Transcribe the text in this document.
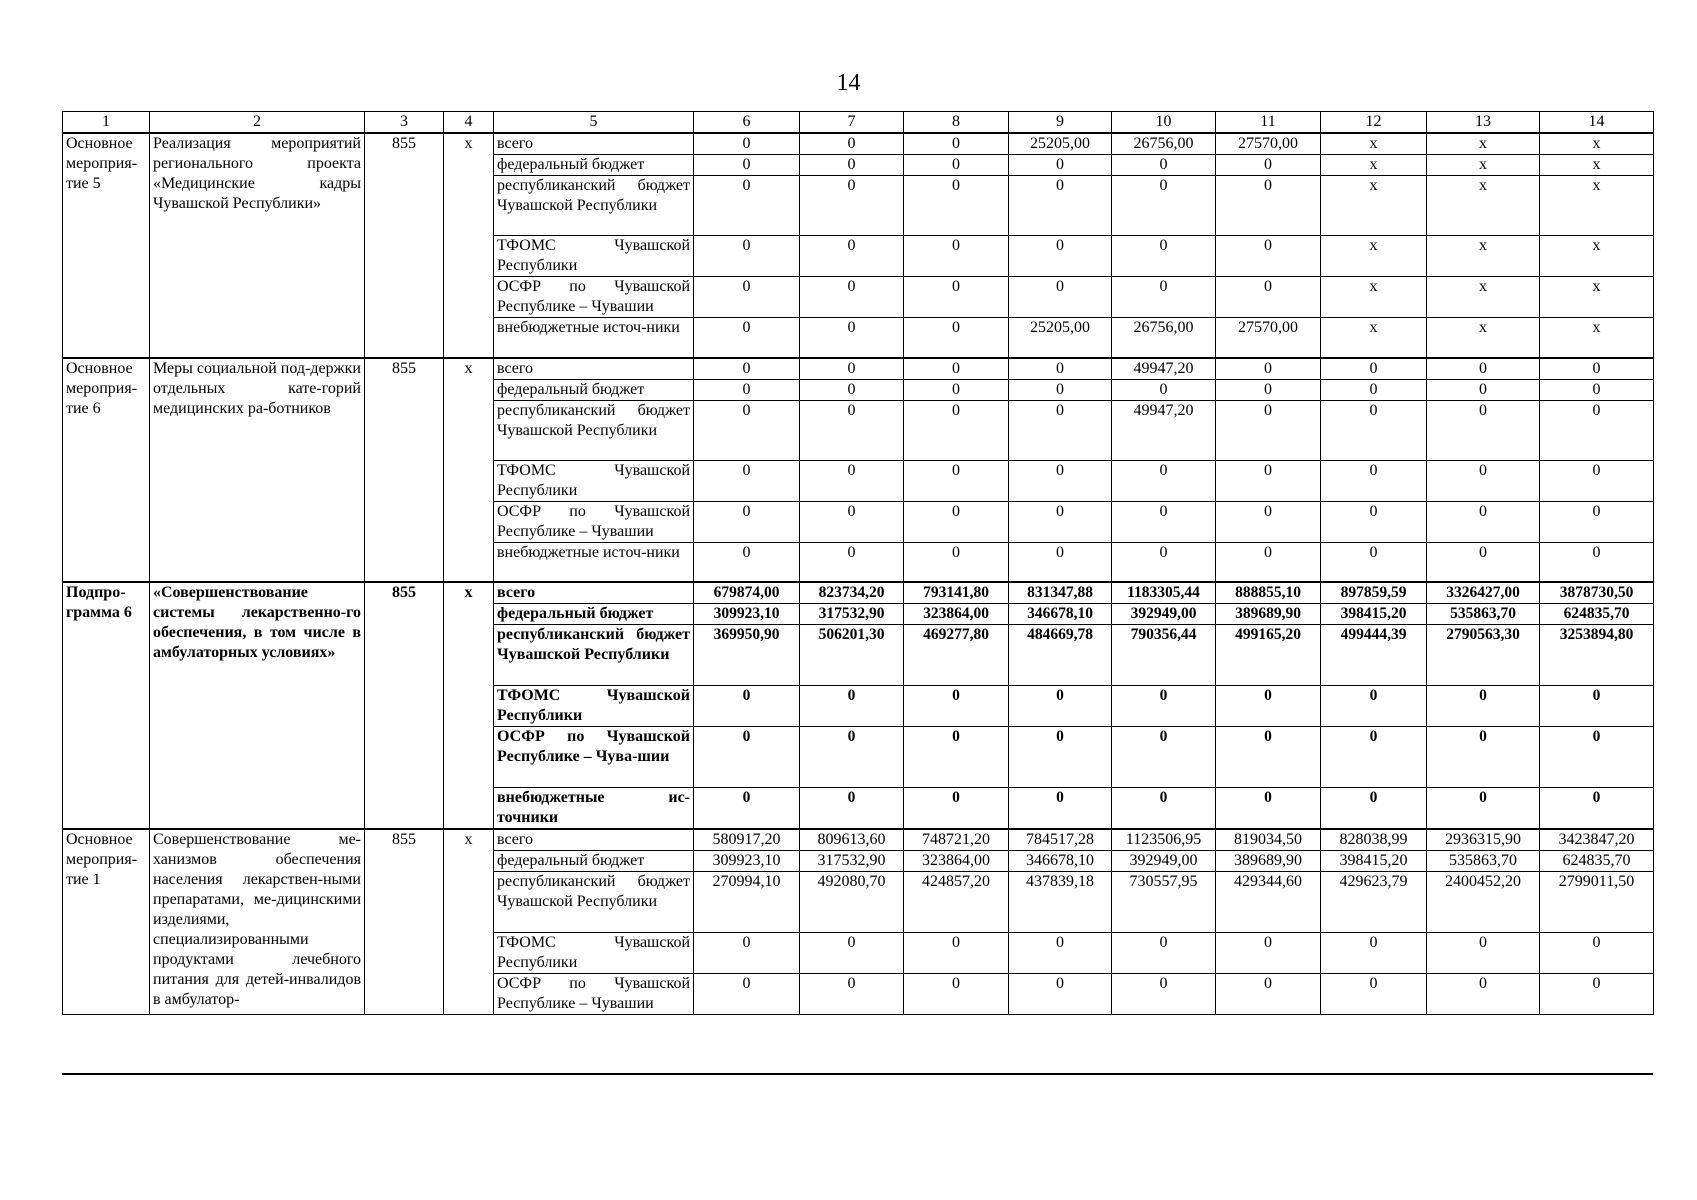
14
1	2	3	4	5	6	7	8	9	10	11	12	13	14
Основное мероприя-тие 5	Реализация мероприятий регионального проекта «Медицинские кадры Чувашской Республики»	855	x	всего	0	0	0	25205,00	26756,00	27570,00	x	x	x
				федеральный бюджет	0	0	0	0	0	0	x	x	x
				республиканский бюджет Чувашской Республики	0	0	0	0	0	0	x	x	x
				ТФОМС Чувашской Республики	0	0	0	0	0	0	x	x	x
				ОСФР по Чувашской Республике – Чувашии	0	0	0	0	0	0	x	x	x
				внебюджетные источ-ники	0	0	0	25205,00	26756,00	27570,00	x	x	x
Основное мероприя-тие 6	Меры социальной под-держки отдельных кате-горий медицинских ра-ботников	855	x	всего	0	0	0	0	49947,20	0	0	0	0
				федеральный бюджет	0	0	0	0	0	0	0	0	0
				республиканский бюджет Чувашской Республики	0	0	0	0	49947,20	0	0	0	0
				ТФОМС Чувашской Республики	0	0	0	0	0	0	0	0	0
				ОСФР по Чувашской Республике – Чувашии	0	0	0	0	0	0	0	0	0
				внебюджетные источ-ники	0	0	0	0	0	0	0	0	0
Подпро-грамма 6	«Совершенствование системы лекарственно-го обеспечения, в том числе в амбулаторных условиях»	855	x	всего	679874,00	823734,20	793141,80	831347,88	1183305,44	888855,10	897859,59	3326427,00	3878730,50
				федеральный бюджет	309923,10	317532,90	323864,00	346678,10	392949,00	389689,90	398415,20	535863,70	624835,70
				республиканский бюджет Чувашской Республики	369950,90	506201,30	469277,80	484669,78	790356,44	499165,20	499444,39	2790563,30	3253894,80
				ТФОМС Чувашской Республики	0	0	0	0	0	0	0	0	0
				ОСФР по Чувашской Республике – Чува-шии	0	0	0	0	0	0	0	0	0
				внебюджетные ис-точники	0	0	0	0	0	0	0	0	0
Основное мероприя-тие 1	Совершенствование ме-ханизмов обеспечения населения лекарствен-ными препаратами, ме-дицинскими изделиями, специализированными продуктами лечебного питания для детей-инвалидов в амбулатор-	855	x	всего	580917,20	809613,60	748721,20	784517,28	1123506,95	819034,50	828038,99	2936315,90	3423847,20
				федеральный бюджет	309923,10	317532,90	323864,00	346678,10	392949,00	389689,90	398415,20	535863,70	624835,70
				республиканский бюджет Чувашской Республики	270994,10	492080,70	424857,20	437839,18	730557,95	429344,60	429623,79	2400452,20	2799011,50
				ТФОМС Чувашской Республики	0	0	0	0	0	0	0	0	0
				ОСФР по Чувашской Республике – Чувашии	0	0	0	0	0	0	0	0	0
